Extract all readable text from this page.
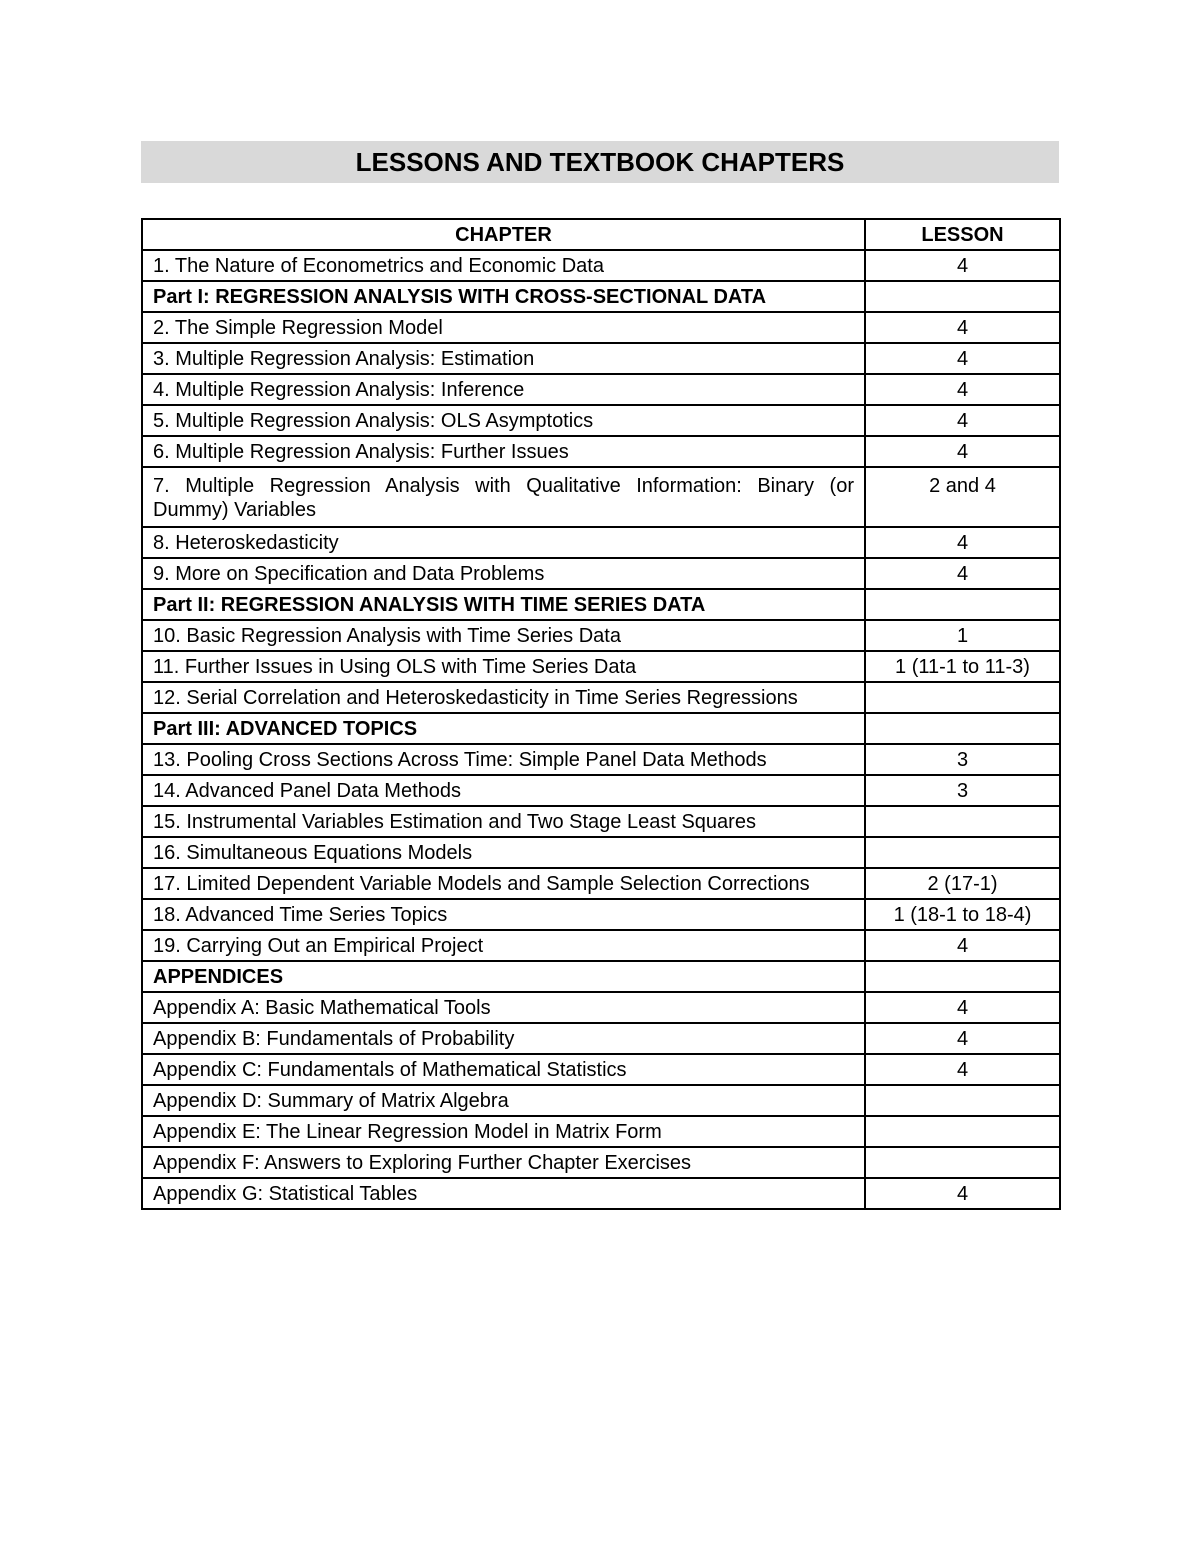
LESSONS AND TEXTBOOK CHAPTERS
CHAPTER	LESSON
1. The Nature of Econometrics and Economic Data	4
Part I: REGRESSION ANALYSIS WITH CROSS-SECTIONAL DATA	
2. The Simple Regression Model	4
3. Multiple Regression Analysis: Estimation	4
4. Multiple Regression Analysis: Inference	4
5. Multiple Regression Analysis: OLS Asymptotics	4
6. Multiple Regression Analysis: Further Issues	4
7. Multiple Regression Analysis with Qualitative Information: Binary (or Dummy) Variables	2 and 4
8. Heteroskedasticity	4
9. More on Specification and Data Problems	4
Part II: REGRESSION ANALYSIS WITH TIME SERIES DATA	
10. Basic Regression Analysis with Time Series Data	1
11. Further Issues in Using OLS with Time Series Data	1 (11-1 to 11-3)
12. Serial Correlation and Heteroskedasticity in Time Series Regressions	
Part III: ADVANCED TOPICS	
13. Pooling Cross Sections Across Time: Simple Panel Data Methods	3
14. Advanced Panel Data Methods	3
15. Instrumental Variables Estimation and Two Stage Least Squares	
16. Simultaneous Equations Models	
17. Limited Dependent Variable Models and Sample Selection Corrections	2 (17-1)
18. Advanced Time Series Topics	1 (18-1 to 18-4)
19. Carrying Out an Empirical Project	4
APPENDICES	
Appendix A: Basic Mathematical Tools	4
Appendix B: Fundamentals of Probability	4
Appendix C: Fundamentals of Mathematical Statistics	4
Appendix D: Summary of Matrix Algebra	
Appendix E: The Linear Regression Model in Matrix Form	
Appendix F: Answers to Exploring Further Chapter Exercises	
Appendix G: Statistical Tables	4
